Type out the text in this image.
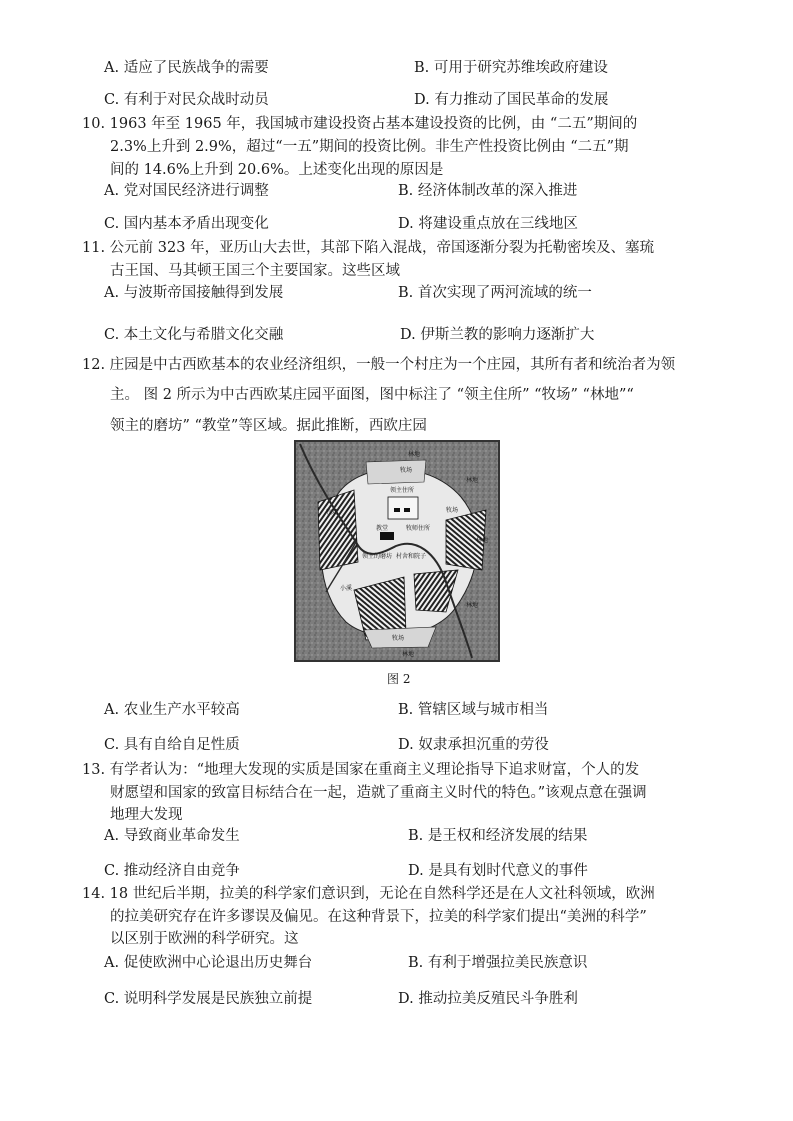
A. 适应了民族战争的需要	B. 可用于研究苏维埃政府建设
C. 有利于对民众战时动员	D. 有力推动了国民革命的发展
10. 1963 年至 1965 年，我国城市建设投资占基本建设投资的比例，由 “二五”期间的
2.3%上升到 2.9%，超过“一五”期间的投资比例。非生产性投资比例由 “二五”期
间的 14.6%上升到 20.6%。上述变化出现的原因是
A. 党对国民经济进行调整	B. 经济体制改革的深入推进
C. 国内基本矛盾出现变化	D. 将建设重点放在三线地区
11. 公元前 323 年，亚历山大去世，其部下陷入混战，帝国逐渐分裂为托勒密埃及、塞琉
古王国、马其顿王国三个主要国家。这些区域
A. 与波斯帝国接触得到发展	B. 首次实现了两河流域的统一
C. 本土文化与希腊文化交融	D. 伊斯兰教的影响力逐渐扩大
12. 庄园是中古西欧基本的农业经济组织，一般一个村庄为一个庄园，其所有者和统治者为领
主。 图 2 所示为中古西欧某庄园平面图，图中标注了 “领主住所” “牧场” “林地”“
领主的磨坊” “教堂”等区域。据此推断，西欧庄园
林地
林地
林地
林地
林地
领主住所
牧场
牧场	牧场
牧场
教堂
领主的磨坊 村舍和院子
小溪
牧师住所
图 2
A. 农业生产水平较高	B. 管辖区域与城市相当
C. 具有自给自足性质	D. 奴隶承担沉重的劳役
13. 有学者认为：“地理大发现的实质是国家在重商主义理论指导下追求财富，个人的发
财愿望和国家的致富目标结合在一起，造就了重商主义时代的特色。”该观点意在强调
地理大发现
A. 导致商业革命发生	B. 是王权和经济发展的结果
C. 推动经济自由竞争	D. 是具有划时代意义的事件
14. 18 世纪后半期，拉美的科学家们意识到，无论在自然科学还是在人文社科领域，欧洲
的拉美研究存在许多谬误及偏见。在这种背景下，拉美的科学家们提出“美洲的科学”
以区别于欧洲的科学研究。这
A. 促使欧洲中心论退出历史舞台	B. 有利于增强拉美民族意识
C. 说明科学发展是民族独立前提	D. 推动拉美反殖民斗争胜利
